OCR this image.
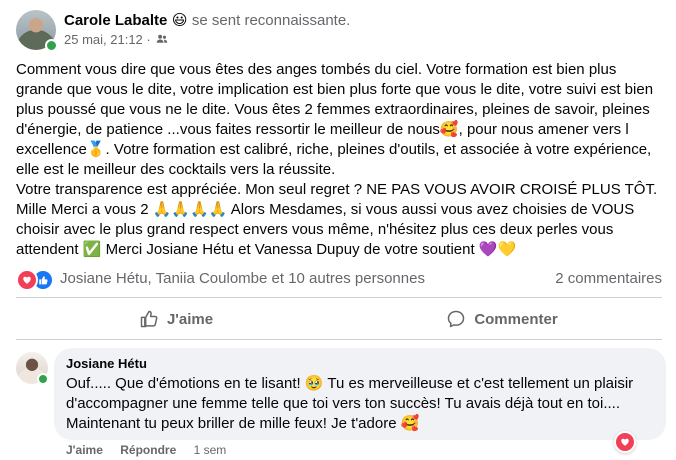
Carole Labalte 😃 se sent reconnaissante.
25 mai, 21:12 ·

Comment vous dire que vous êtes des anges tombés du ciel. Votre formation est bien plus grande que vous le dite, votre implication est bien plus forte que vous le dite, votre suivi est bien plus poussé que vous ne le dite. Vous êtes 2 femmes extraordinaires, pleines de savoir, pleines d'énergie, de patience ...vous faites ressortir le meilleur de nous🥰, pour nous amener vers l excellence🥇. Votre formation est calibré, riche, pleines d'outils, et associée à votre expérience, elle est le meilleur des cocktails vers la réussite.

Votre transparence est appréciée. Mon seul regret ? NE PAS VOUS AVOIR CROISÉ PLUS TÔT.

Mille Merci a vous 2 🙏🙏🙏🙏 Alors Mesdames, si vous aussi vous avez choisies de VOUS choisir avec le plus grand respect envers vous même, n'hésitez plus ces deux perles vous attendent ✅ Merci Josiane Hétu et Vanessa Dupuy de votre soutient 💜💛

Josiane Hétu, Taniia Coulombe et 10 autres personnes	2 commentaires
J'aime	Commenter
Josiane Hétu
Ouf..... Que d'émotions en te lisant! 🥹 Tu es merveilleuse et c'est tellement un plaisir d'accompagner une femme telle que toi vers ton succès! Tu avais déjà tout en toi.... Maintenant tu peux briller de mille feux! Je t'adore 🥰
J'aime Répondre 1 sem
